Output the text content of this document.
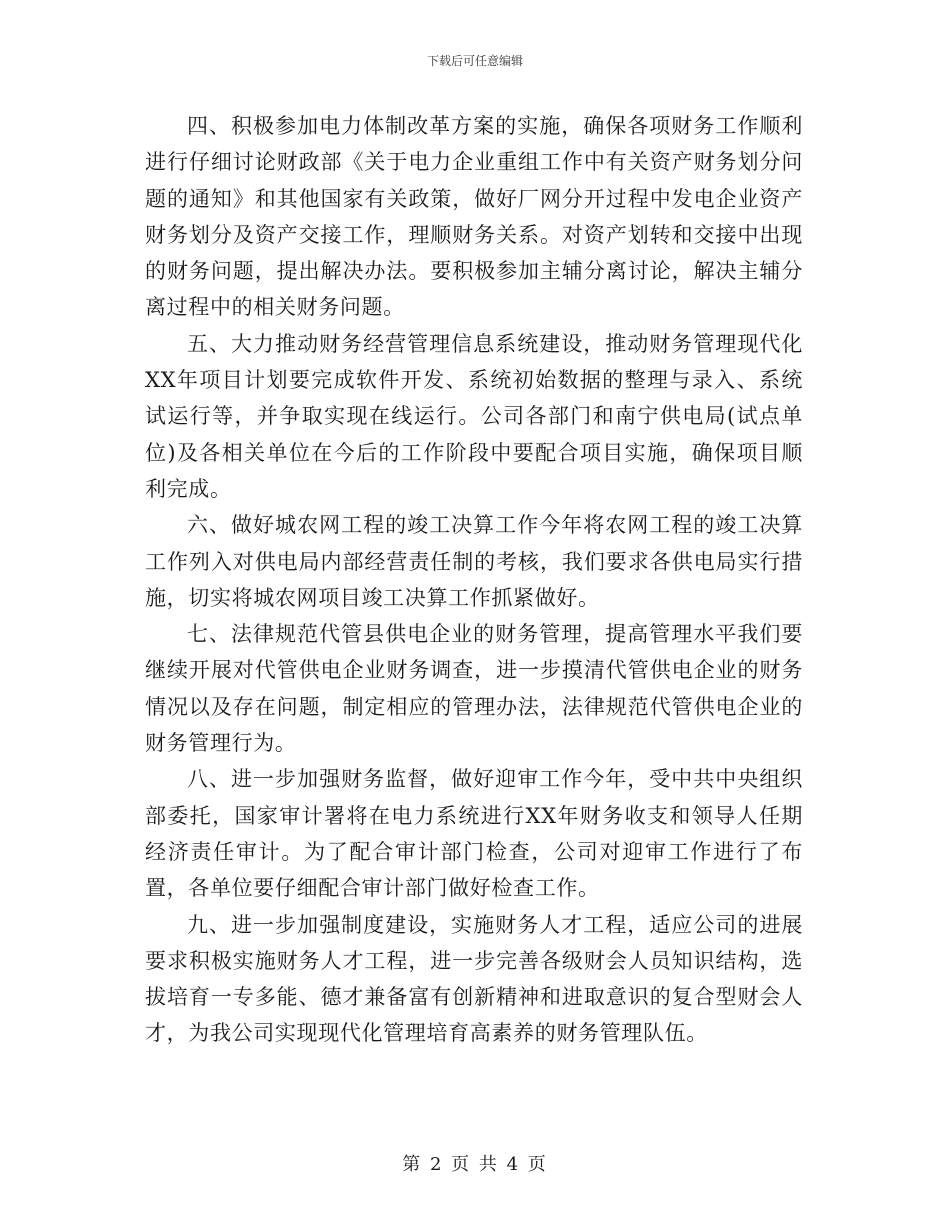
下载后可任意编辑

四、积极参加电力体制改革方案的实施，确保各项财务工作顺利进行仔细讨论财政部《关于电力企业重组工作中有关资产财务划分问题的通知》和其他国家有关政策，做好厂网分开过程中发电企业资产财务划分及资产交接工作，理顺财务关系。对资产划转和交接中出现的财务问题，提出解决办法。要积极参加主辅分离讨论，解决主辅分离过程中的相关财务问题。

五、大力推动财务经营管理信息系统建设，推动财务管理现代化XX年项目计划要完成软件开发、系统初始数据的整理与录入、系统试运行等，并争取实现在线运行。公司各部门和南宁供电局(试点单位)及各相关单位在今后的工作阶段中要配合项目实施，确保项目顺利完成。

六、做好城农网工程的竣工决算工作今年将农网工程的竣工决算工作列入对供电局内部经营责任制的考核，我们要求各供电局实行措施，切实将城农网项目竣工决算工作抓紧做好。

七、法律规范代管县供电企业的财务管理，提高管理水平我们要继续开展对代管供电企业财务调查，进一步摸清代管供电企业的财务情况以及存在问题，制定相应的管理办法，法律规范代管供电企业的财务管理行为。

八、进一步加强财务监督，做好迎审工作今年，受中共中央组织部委托，国家审计署将在电力系统进行XX年财务收支和领导人任期经济责任审计。为了配合审计部门检查，公司对迎审工作进行了布置，各单位要仔细配合审计部门做好检查工作。

九、进一步加强制度建设，实施财务人才工程，适应公司的进展要求积极实施财务人才工程，进一步完善各级财会人员知识结构，选拔培育一专多能、德才兼备富有创新精神和进取意识的复合型财会人才，为我公司实现现代化管理培育高素养的财务管理队伍。

第 2 页 共 4 页
